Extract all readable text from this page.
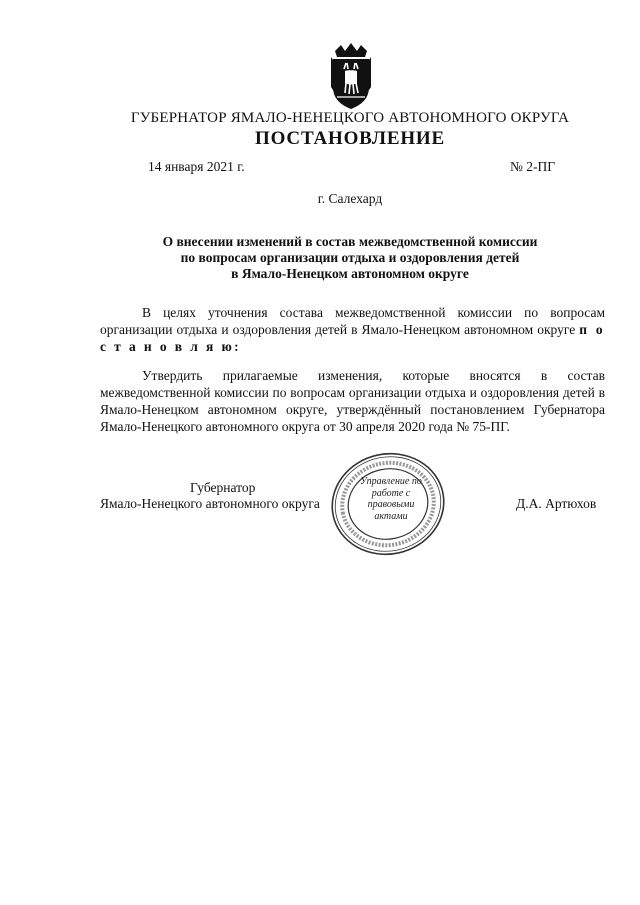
ГУБЕРНАТОР ЯМАЛО-НЕНЕЦКОГО АВТОНОМНОГО ОКРУГА
ПОСТАНОВЛЕНИЕ
14 января 2021 г.	№ 2-ПГ
г. Салехард
О внесении изменений в состав межведомственной комиссии
по вопросам организации отдыха и оздоровления детей
в Ямало-Ненецком автономном округе
В целях уточнения состава межведомственной комиссии по вопросам организации отдыха и оздоровления детей в Ямало-Ненецком автономном округе п о с т а н о в л я ю:
Утвердить прилагаемые изменения, которые вносятся в состав межведомственной комиссии по вопросам организации отдыха и оздоровления детей в Ямало-Ненецком автономном округе, утверждённый постановлением Губернатора Ямало-Ненецкого автономного округа от 30 апреля 2020 года № 75-ПГ.
Управление по работе с правовыми актами
Губернатор
Ямало-Ненецкого автономного округа	Д.А. Артюхов
